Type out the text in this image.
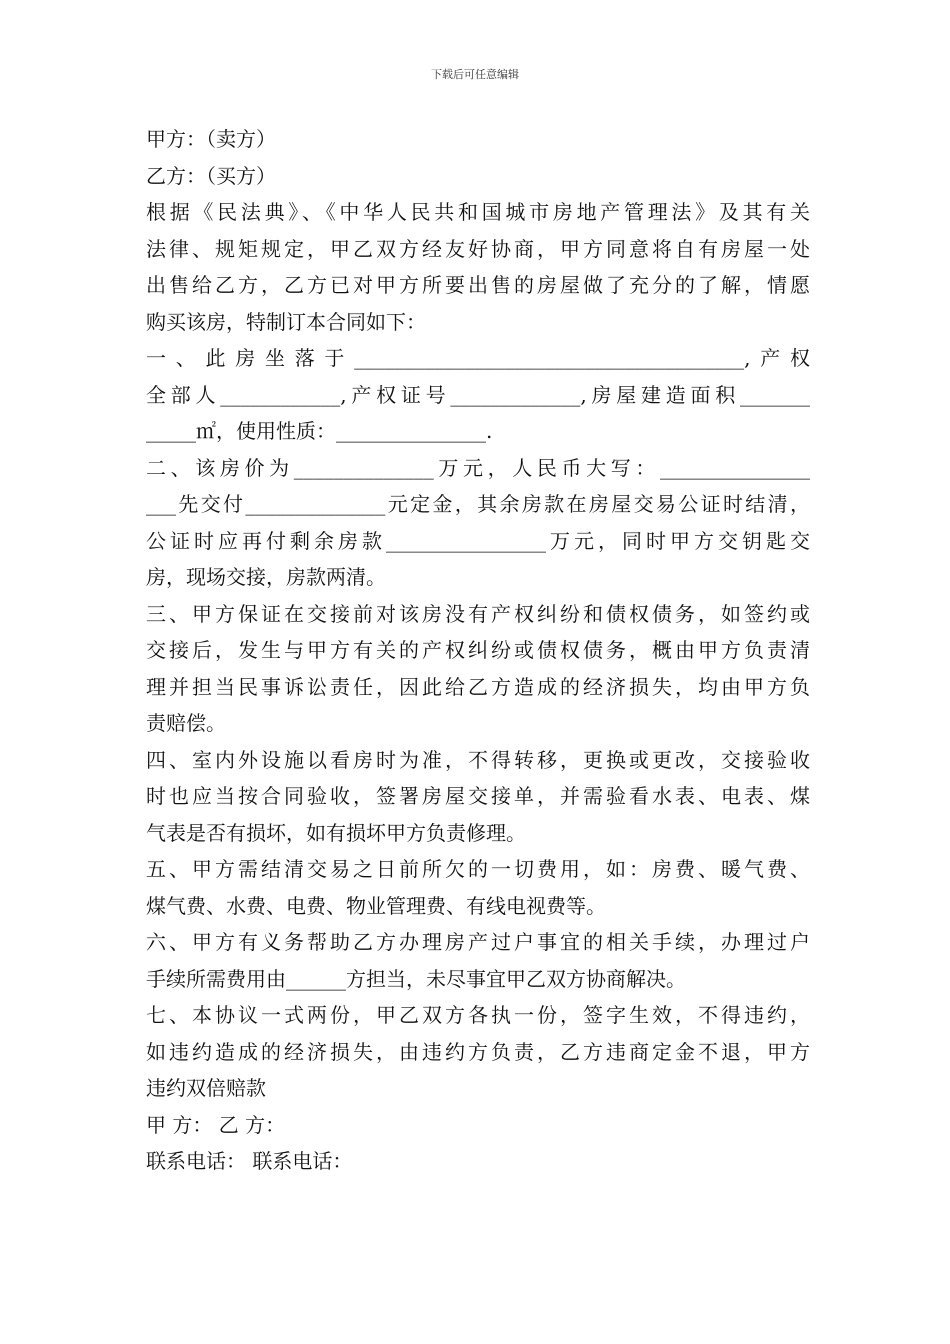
下载后可任意编辑
甲方：（卖方）
乙方：（买方）
根据《民法典》、《中华人民共和国城市房地产管理法》及其有关
法律、规矩规定，甲乙双方经友好协商，甲方同意将自有房屋一处
出售给乙方，乙方已对甲方所要出售的房屋做了充分的了解，情愿
购买该房，特制订本合同如下：
一、此房坐落于_______________________________________,产权
全部人____________,产权证号_____________,房屋建造面积_______
_____㎡，使用性质：_______________.
二、该房价为______________万元，人民币大写：_______________
___先交付______________元定金，其余房款在房屋交易公证时结清，
公证时应再付剩余房款________________万元，同时甲方交钥匙交
房，现场交接，房款两清。
三、甲方保证在交接前对该房没有产权纠纷和债权债务，如签约或
交接后，发生与甲方有关的产权纠纷或债权债务，概由甲方负责清
理并担当民事诉讼责任，因此给乙方造成的经济损失，均由甲方负
责赔偿。
四、室内外设施以看房时为准，不得转移，更换或更改，交接验收
时也应当按合同验收，签署房屋交接单，并需验看水表、电表、煤
气表是否有损坏，如有损坏甲方负责修理。
五、甲方需结清交易之日前所欠的一切费用，如：房费、暖气费、
煤气费、水费、电费、物业管理费、有线电视费等。
六、甲方有义务帮助乙方办理房产过户事宜的相关手续，办理过户
手续所需费用由______方担当，未尽事宜甲乙双方协商解决。
七、本协议一式两份，甲乙双方各执一份，签字生效，不得违约，
如违约造成的经济损失，由违约方负责，乙方违商定金不退，甲方
违约双倍赔款
甲 方： 乙 方：
联系电话： 联系电话：
